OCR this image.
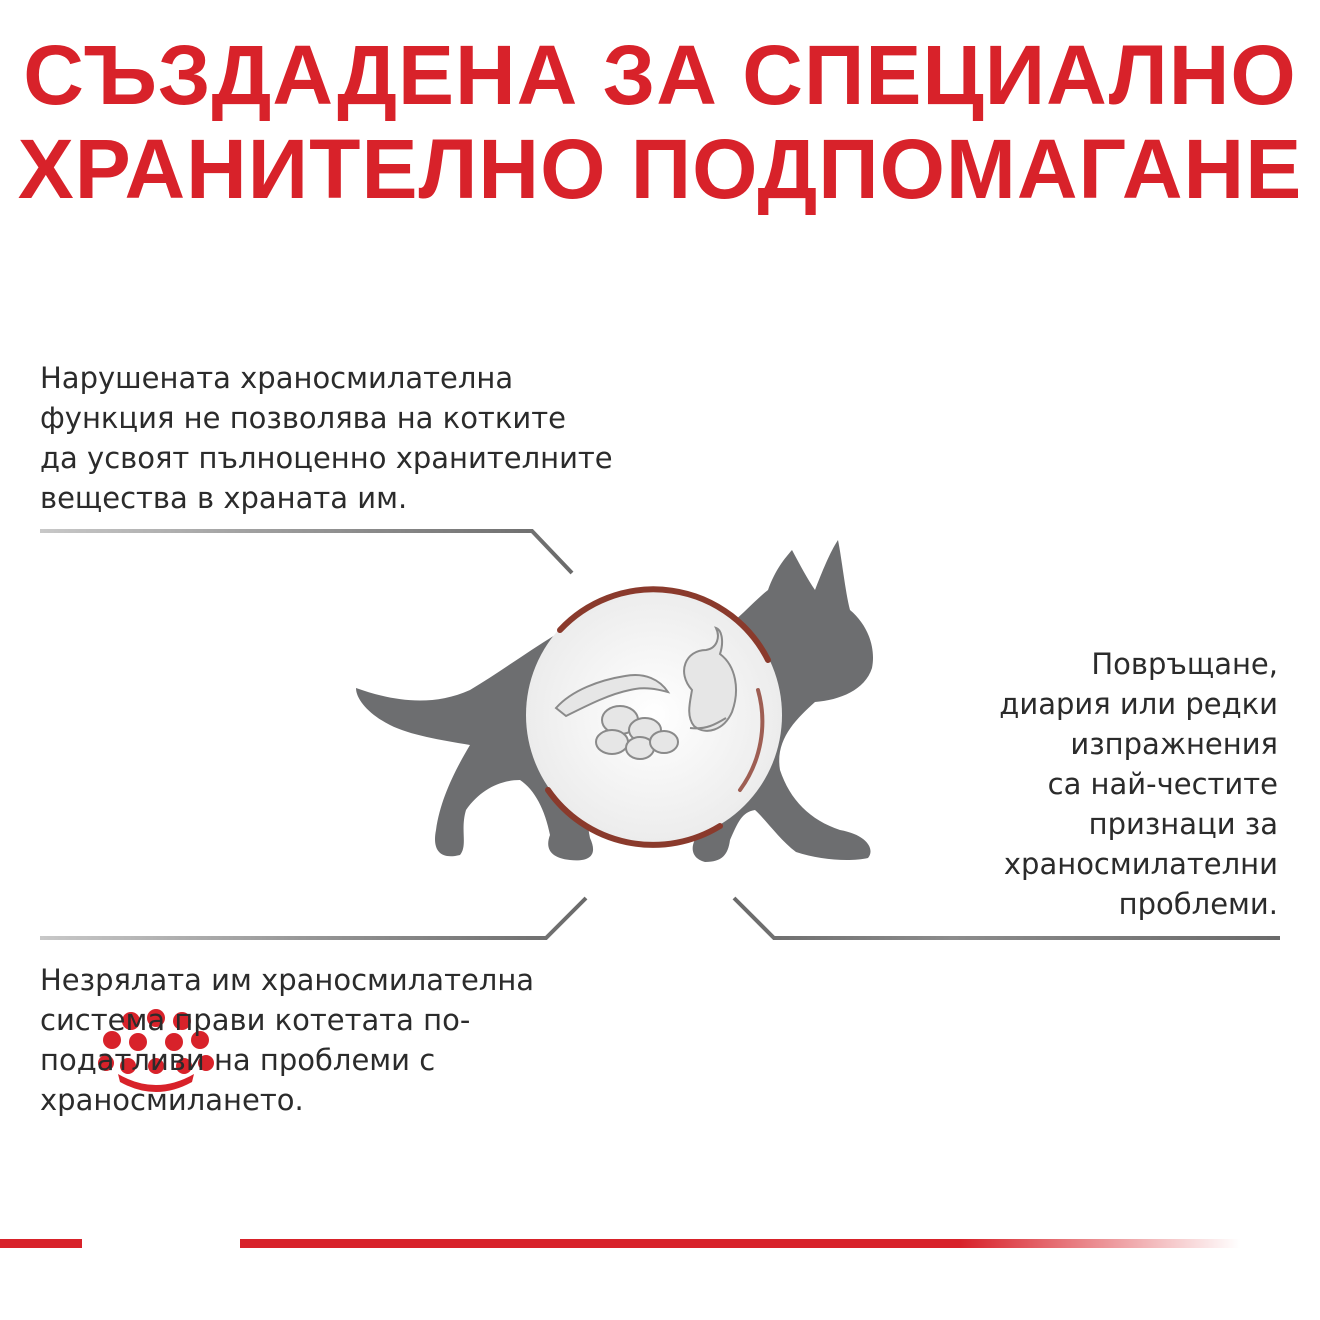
СЪЗДАДЕНА ЗА СПЕЦИАЛНО
ХРАНИТЕЛНО ПОДПОМАГАНЕ
Нарушената храносмилателна
функция не позволява на котките
да усвоят пълноценно хранителните
вещества в храната им.
Повръщане,
диария или редки
изпражнения
са най-честите
признаци за
храносмилателни
проблеми.
Незрялата им храносмилателна
система прави котетата по-
податливи на проблеми с
храносмилането.
